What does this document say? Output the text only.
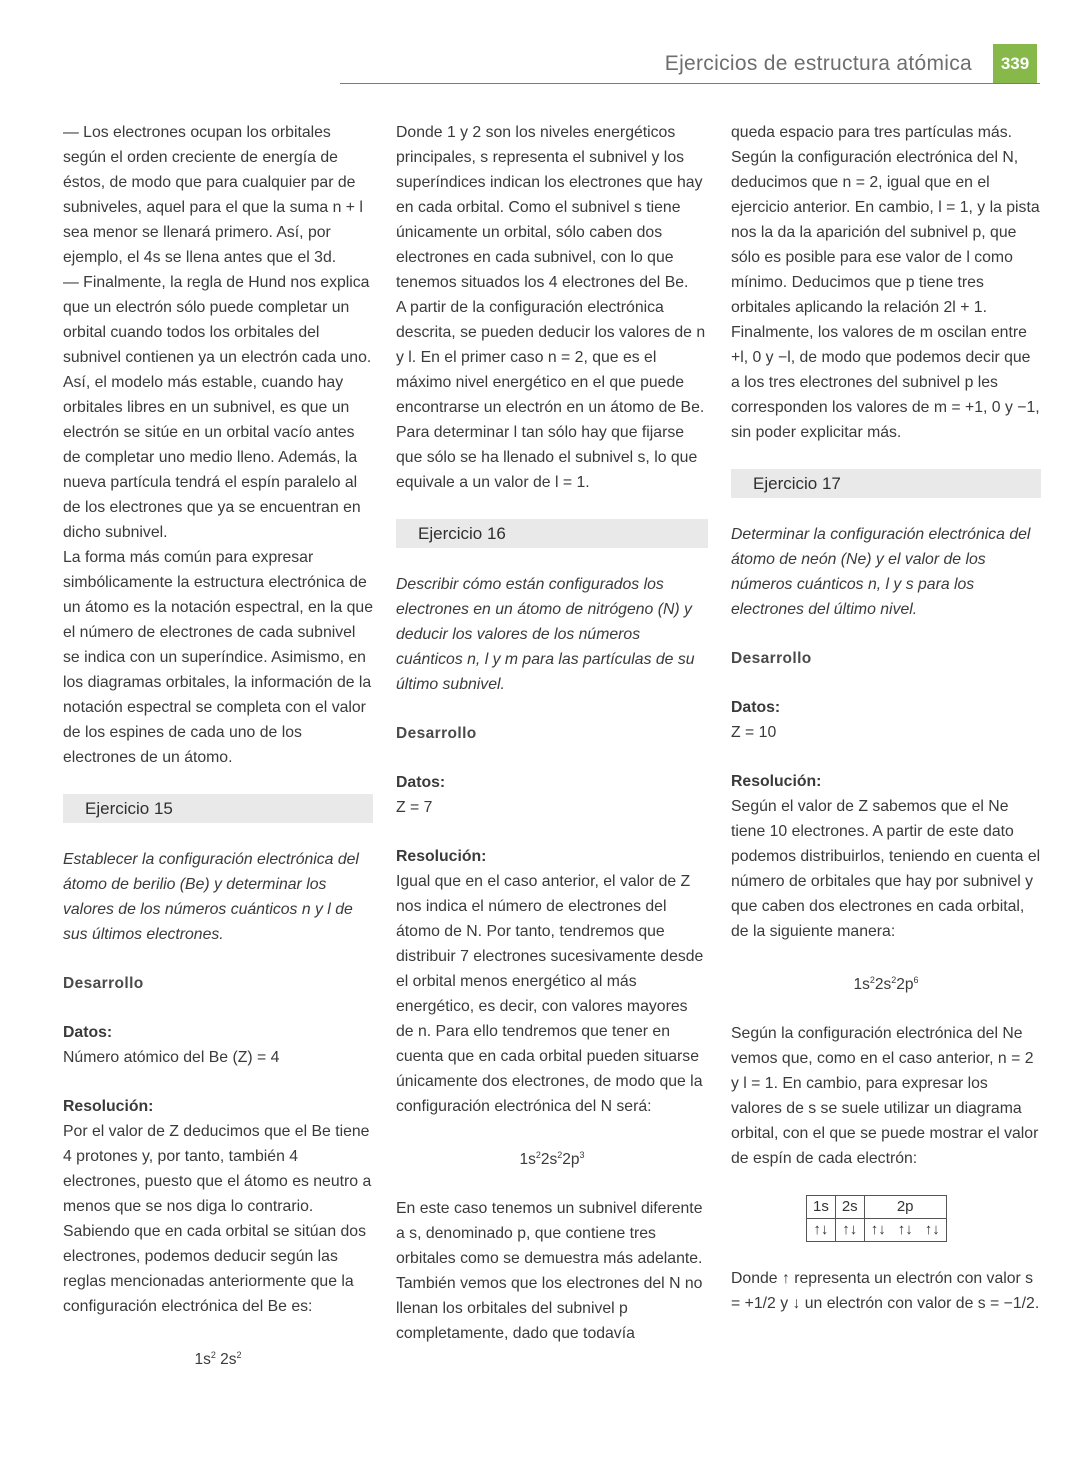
Ejercicios de estructura atómica	339

— Los electrones ocupan los orbitales según el orden creciente de energía de éstos, de modo que para cualquier par de subniveles, aquel para el que la suma n + l sea menor se llenará primero. Así, por ejemplo, el 4s se llena antes que el 3d.

— Finalmente, la regla de Hund nos explica que un electrón sólo puede completar un orbital cuando todos los orbitales del subnivel contienen ya un electrón cada uno. Así, el modelo más estable, cuando hay orbitales libres en un subnivel, es que un electrón se sitúe en un orbital vacío antes de completar uno medio lleno. Además, la nueva partícula tendrá el espín paralelo al de los electrones que ya se encuentran en dicho subnivel.

La forma más común para expresar simbólicamente la estructura electrónica de un átomo es la notación espectral, en la que el número de electrones de cada subnivel se indica con un superíndice. Asimismo, en los diagramas orbitales, la información de la notación espectral se completa con el valor de los espines de cada uno de los electrones de un átomo.

Ejercicio 15

Establecer la configuración electrónica del átomo de berilio (Be) y determinar los valores de los números cuánticos n y l de sus últimos electrones.

Desarrollo

Datos:

Número atómico del Be (Z) = 4

Resolución:

Por el valor de Z deducimos que el Be tiene 4 protones y, por tanto, también 4 electrones, puesto que el átomo es neutro a menos que se nos diga lo contrario. Sabiendo que en cada orbital se sitúan dos electrones, podemos deducir según las reglas mencionadas anteriormente que la configuración electrónica del Be es:

$1s^2$ $2s^2$

Donde 1 y 2 son los niveles energéticos principales, s representa el subnivel y los superíndices indican los electrones que hay en cada orbital. Como el subnivel s tiene únicamente un orbital, sólo caben dos electrones en cada subnivel, con lo que tenemos situados los 4 electrones del Be.

A partir de la configuración electrónica descrita, se pueden deducir los valores de n y l. En el primer caso n = 2, que es el máximo nivel energético en el que puede encontrarse un electrón en un átomo de Be. Para determinar l tan sólo hay que fijarse que sólo se ha llenado el subnivel s, lo que equivale a un valor de l = 1.

Ejercicio 16

Describir cómo están configurados los electrones en un átomo de nitrógeno (N) y deducir los valores de los números cuánticos n, l y m para las partículas de su último subnivel.

Desarrollo

Datos:

Z = 7

Resolución:

Igual que en el caso anterior, el valor de Z nos indica el número de electrones del átomo de N. Por tanto, tendremos que distribuir 7 electrones sucesivamente desde el orbital menos energético al más energético, es decir, con valores mayores de n. Para ello tendremos que tener en cuenta que en cada orbital pueden situarse únicamente dos electrones, de modo que la configuración electrónica del N será:

$1s^22s^22p^3$

En este caso tenemos un subnivel diferente a s, denominado p, que contiene tres orbitales como se demuestra más adelante. También vemos que los electrones del N no llenan los orbitales del subnivel p completamente, dado que todavía

queda espacio para tres partículas más. Según la configuración electrónica del N, deducimos que n = 2, igual que en el ejercicio anterior. En cambio, l = 1, y la pista nos la da la aparición del subnivel p, que sólo es posible para ese valor de l como mínimo. Deducimos que p tiene tres orbitales aplicando la relación 2l + 1.

Finalmente, los valores de m oscilan entre +l, 0 y −l, de modo que podemos decir que a los tres electrones del subnivel p les corresponden los valores de m = +1, 0 y −1, sin poder explicitar más.

Ejercicio 17

Determinar la configuración electrónica del átomo de neón (Ne) y el valor de los números cuánticos n, l y s para los electrones del último nivel.

Desarrollo

Datos:

Z = 10

Resolución:

Según el valor de Z sabemos que el Ne tiene 10 electrones. A partir de este dato podemos distribuirlos, teniendo en cuenta el número de orbitales que hay por subnivel y que caben dos electrones en cada orbital, de la siguiente manera:

$1s^22s^22p^6$

Según la configuración electrónica del Ne vemos que, como en el caso anterior, n = 2 y l = 1. En cambio, para expresar los valores de s se suele utilizar un diagrama orbital, con el que se puede mostrar el valor de espín de cada electrón:

1s	2s	2p		
↑↓	↑↓	↑↓	↑↓	↑↓

Donde ↑ representa un electrón con valor s = +1/2 y ↓ un electrón con valor de s = −1/2.
